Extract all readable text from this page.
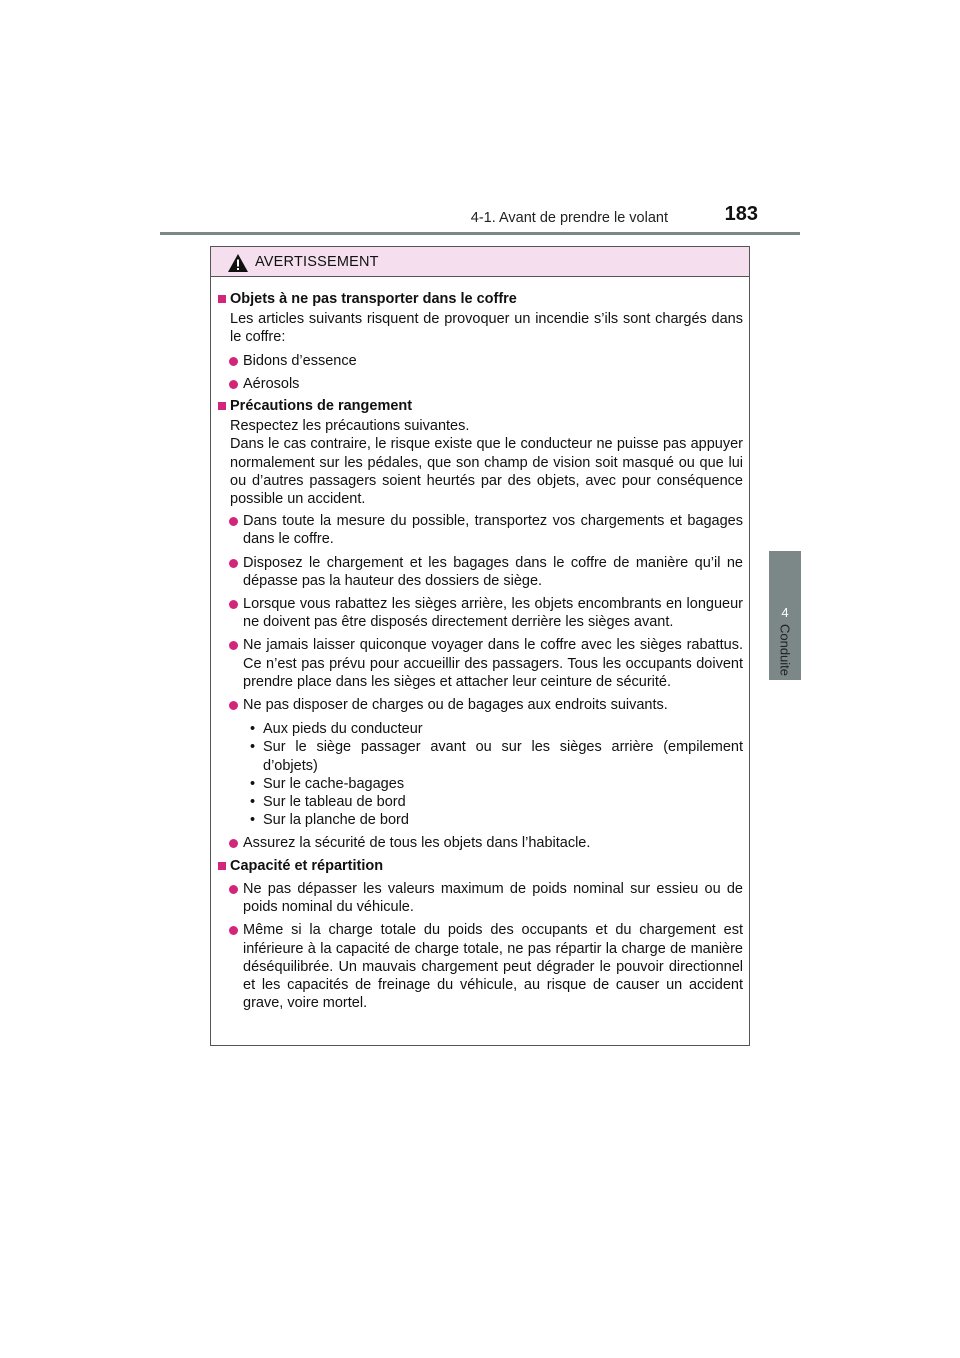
4-1. Avant de prendre le volant	183
4
Conduite
AVERTISSEMENT
Objets à ne pas transporter dans le coffre
Les articles suivants risquent de provoquer un incendie s’ils sont chargés dans le coffre:
Bidons d’essence
Aérosols
Précautions de rangement
Respectez les précautions suivantes.
Dans le cas contraire, le risque existe que le conducteur ne puisse pas appuyer normalement sur les pédales, que son champ de vision soit masqué ou que lui ou d’autres passagers soient heurtés par des objets, avec pour conséquence possible un accident.
Dans toute la mesure du possible, transportez vos chargements et bagages dans le coffre.
Disposez le chargement et les bagages dans le coffre de manière qu’il ne dépasse pas la hauteur des dossiers de siège.
Lorsque vous rabattez les sièges arrière, les objets encombrants en longueur ne doivent pas être disposés directement derrière les sièges avant.
Ne jamais laisser quiconque voyager dans le coffre avec les sièges rabattus. Ce n’est pas prévu pour accueillir des passagers. Tous les occupants doivent prendre place dans les sièges et attacher leur ceinture de sécurité.
Ne pas disposer de charges ou de bagages aux endroits suivants.
• Aux pieds du conducteur
• Sur le siège passager avant ou sur les sièges arrière (empilement d’objets)
• Sur le cache-bagages
• Sur le tableau de bord
• Sur la planche de bord
Assurez la sécurité de tous les objets dans l’habitacle.
Capacité et répartition
Ne pas dépasser les valeurs maximum de poids nominal sur essieu ou de poids nominal du véhicule.
Même si la charge totale du poids des occupants et du chargement est inférieure à la capacité de charge totale, ne pas répartir la charge de manière déséquilibrée. Un mauvais chargement peut dégrader le pouvoir directionnel et les capacités de freinage du véhicule, au risque de causer un accident grave, voire mortel.
